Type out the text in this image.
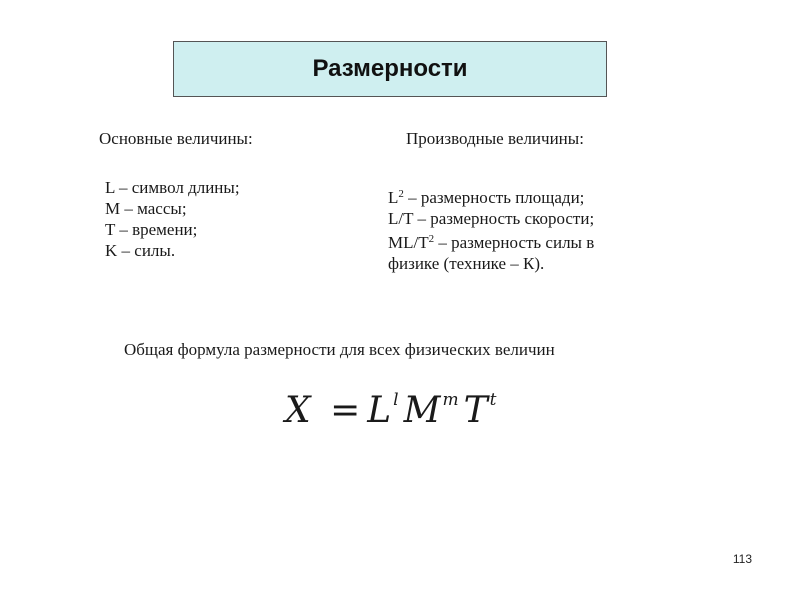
Размерности
Основные величины:
L – символ длины;
М – массы;
T – времени;
K – силы.
Производные величины:
$L^2$ – размерность площади;
L/T – размерность скорости;
$ML/T^2$ – размерность силы в
физике (технике – К).
Общая формула размерности для всех физических величин
$X = L^l$ $M^m$ $T^t$
113
